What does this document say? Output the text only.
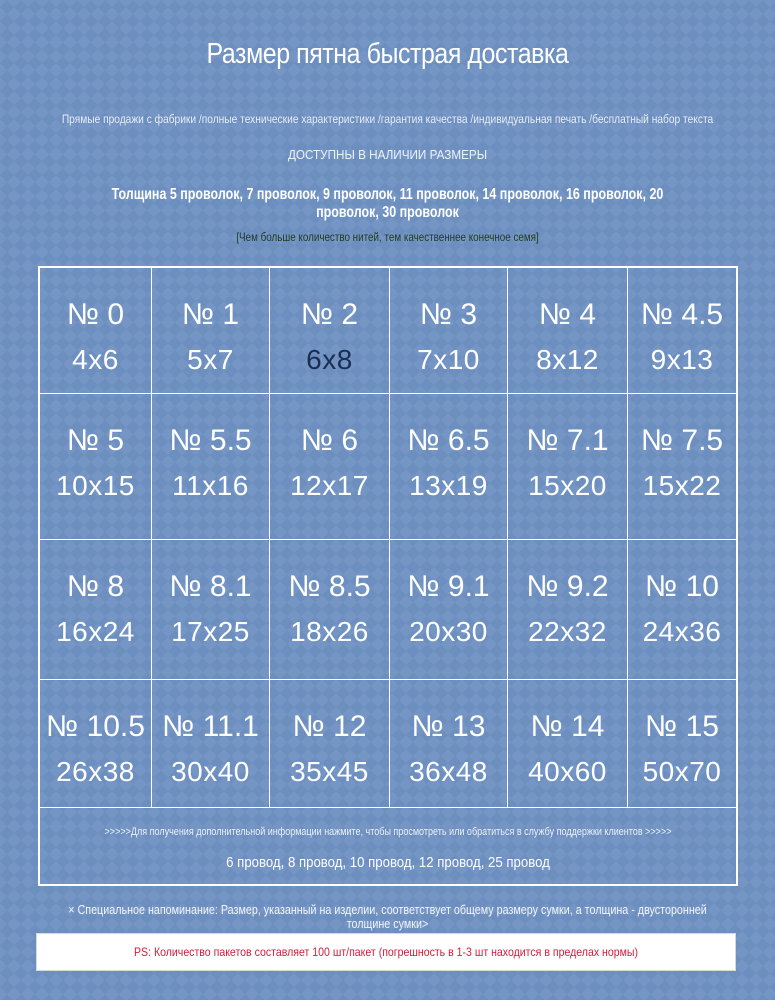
Размер пятна быстрая доставка
Прямые продажи с фабрики /полные технические характеристики /гарантия качества /индивидуальная печать /бесплатный набор текста
ДОСТУПНЫ В НАЛИЧИИ РАЗМЕРЫ
Толщина 5 проволок, 7 проволок, 9 проволок, 11 проволок, 14 проволок, 16 проволок, 20 проволок, 30 проволок
[Чем больше количество нитей, тем качественнее конечное семя]
>>>>>Для получения дополнительной информации нажмите, чтобы просмотреть или обратиться в службу поддержки клиентов >>>>>
6 провод, 8 провод, 10 провод, 12 провод, 25 провод
№ 0
4x6
№ 1
5x7
№ 2
6x8
№ 3
7x10
№ 4
8x12
№ 4.5
9x13
№ 5
10x15
№ 5.5
11x16
№ 6
12x17
№ 6.5
13x19
№ 7.1
15x20
№ 7.5
15x22
№ 8
16x24
№ 8.1
17x25
№ 8.5
18x26
№ 9.1
20x30
№ 9.2
22x32
№ 10
24x36
№ 10.5
26x38
№ 11.1
30x40
№ 12
35x45
№ 13
36x48
№ 14
40x60
№ 15
50x70
× Специальное напоминание: Размер, указанный на изделии, соответствует общему размеру сумки, а толщина - двусторонней толщине сумки>
PS: Количество пакетов составляет 100 шт/пакет (погрешность в 1-3 шт находится в пределах нормы)
